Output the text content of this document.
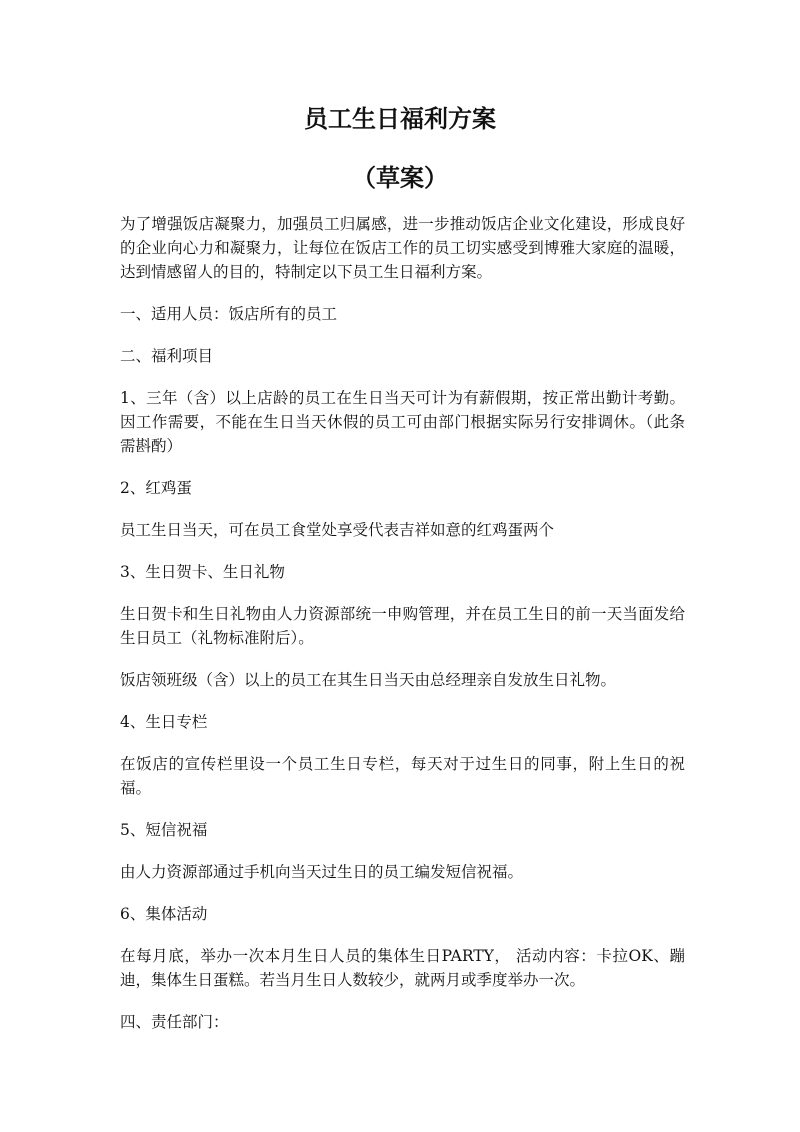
员工生日福利方案
（草案）

为了增强饭店凝聚力，加强员工归属感，进一步推动饭店企业文化建设，形成良好的企业向心力和凝聚力，让每位在饭店工作的员工切实感受到博雅大家庭的温暖，达到情感留人的目的，特制定以下员工生日福利方案。

一、适用人员：饭店所有的员工

二、福利项目

1、三年（含）以上店龄的员工在生日当天可计为有薪假期，按正常出勤计考勤。因工作需要，不能在生日当天休假的员工可由部门根据实际另行安排调休。（此条需斟酌）

2、红鸡蛋

员工生日当天，可在员工食堂处享受代表吉祥如意的红鸡蛋两个

3、生日贺卡、生日礼物

生日贺卡和生日礼物由人力资源部统一申购管理，并在员工生日的前一天当面发给生日员工（礼物标准附后）。

饭店领班级（含）以上的员工在其生日当天由总经理亲自发放生日礼物。

4、生日专栏

在饭店的宣传栏里设一个员工生日专栏，每天对于过生日的同事，附上生日的祝福。

5、短信祝福

由人力资源部通过手机向当天过生日的员工编发短信祝福。

6、集体活动

在每月底，举办一次本月生日人员的集体生日PARTY， 活动内容：卡拉OK、蹦迪，集体生日蛋糕。若当月生日人数较少，就两月或季度举办一次。

四、责任部门：
